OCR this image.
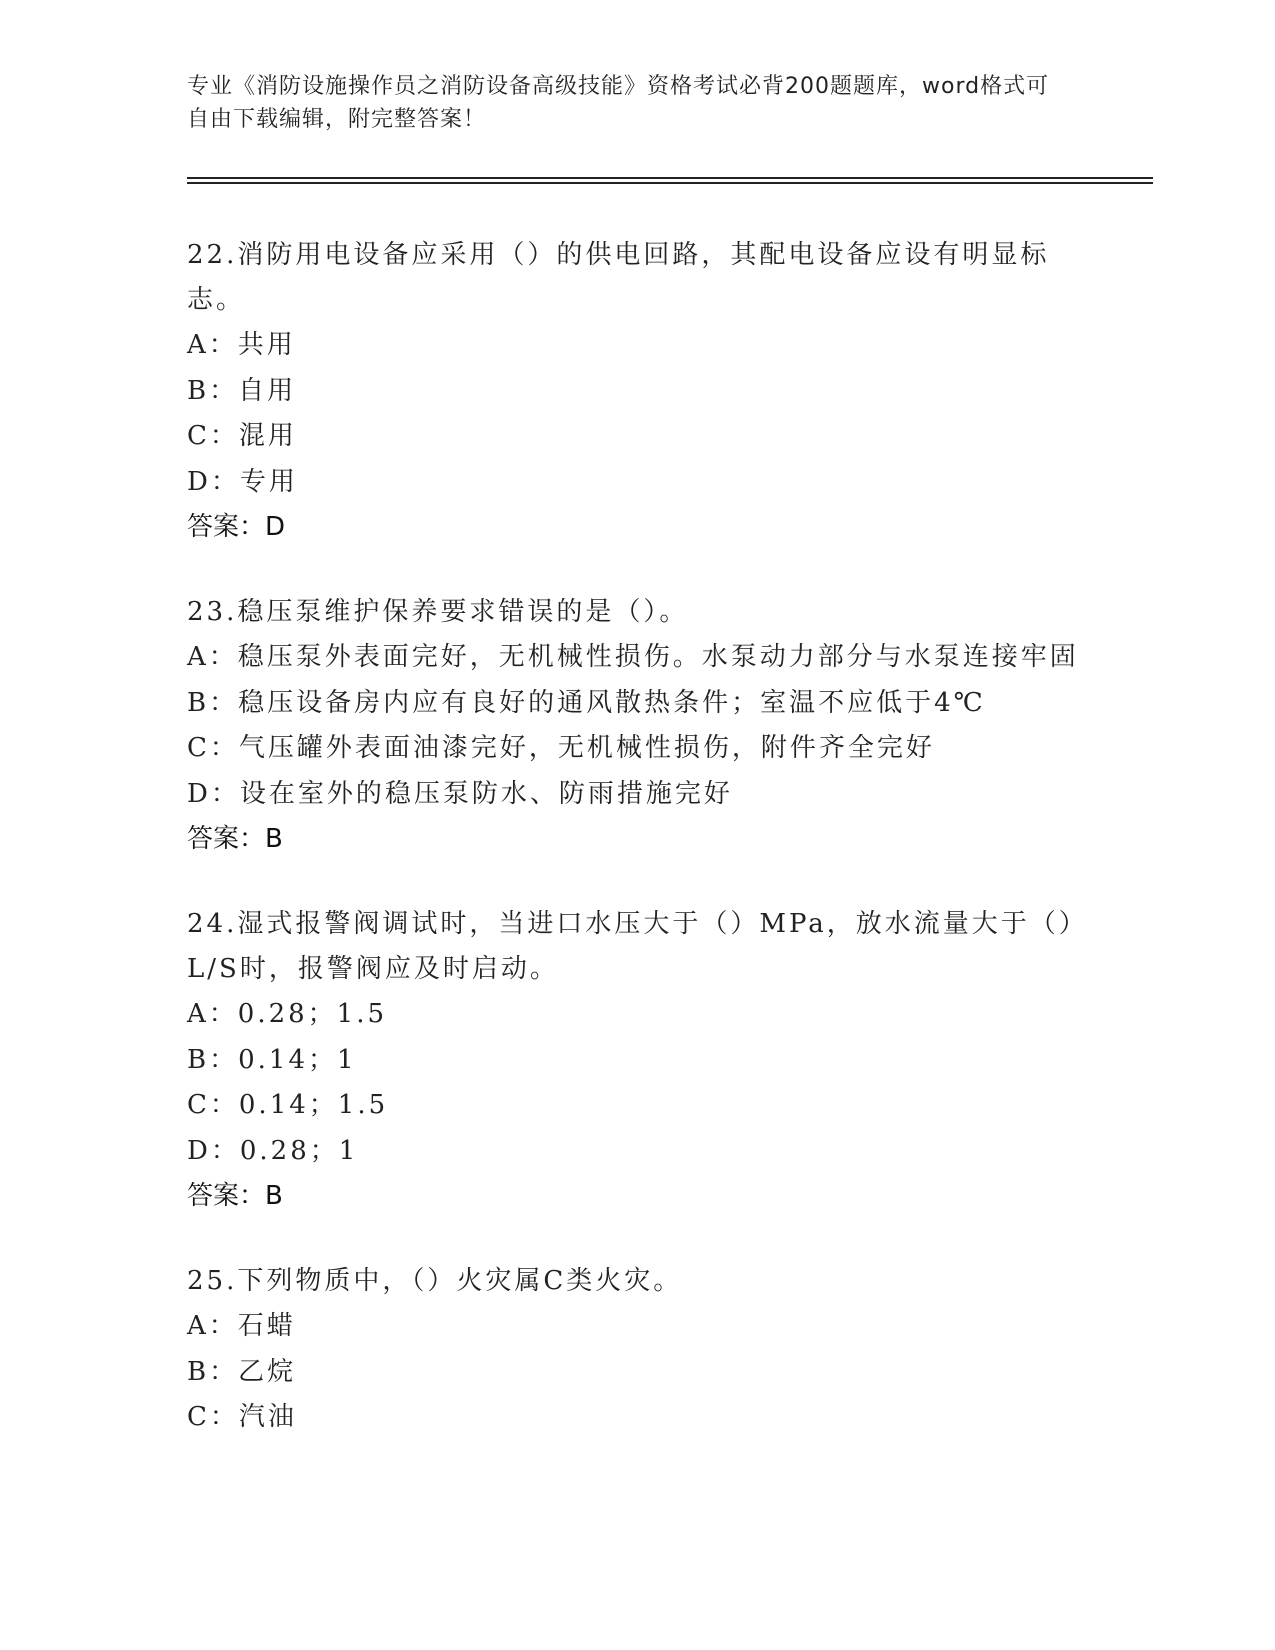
专业《消防设施操作员之消防设备高级技能》资格考试必背200题题库，word格式可自由下载编辑，附完整答案！

22.消防用电设备应采用（）的供电回路，其配电设备应设有明显标志。

A：共用
B：自用
C：混用
D：专用
答案：D

23.稳压泵维护保养要求错误的是（）。

A：稳压泵外表面完好，无机械性损伤。水泵动力部分与水泵连接牢固
B：稳压设备房内应有良好的通风散热条件；室温不应低于4℃
C：气压罐外表面油漆完好，无机械性损伤，附件齐全完好
D：设在室外的稳压泵防水、防雨措施完好
答案：B

24.湿式报警阀调试时，当进口水压大于（）MPa，放水流量大于（）L/S时，报警阀应及时启动。

A：0.28；1.5
B：0.14；1
C：0.14；1.5
D：0.28；1
答案：B

25.下列物质中，（）火灾属C类火灾。

A：石蜡
B：乙烷
C：汽油
